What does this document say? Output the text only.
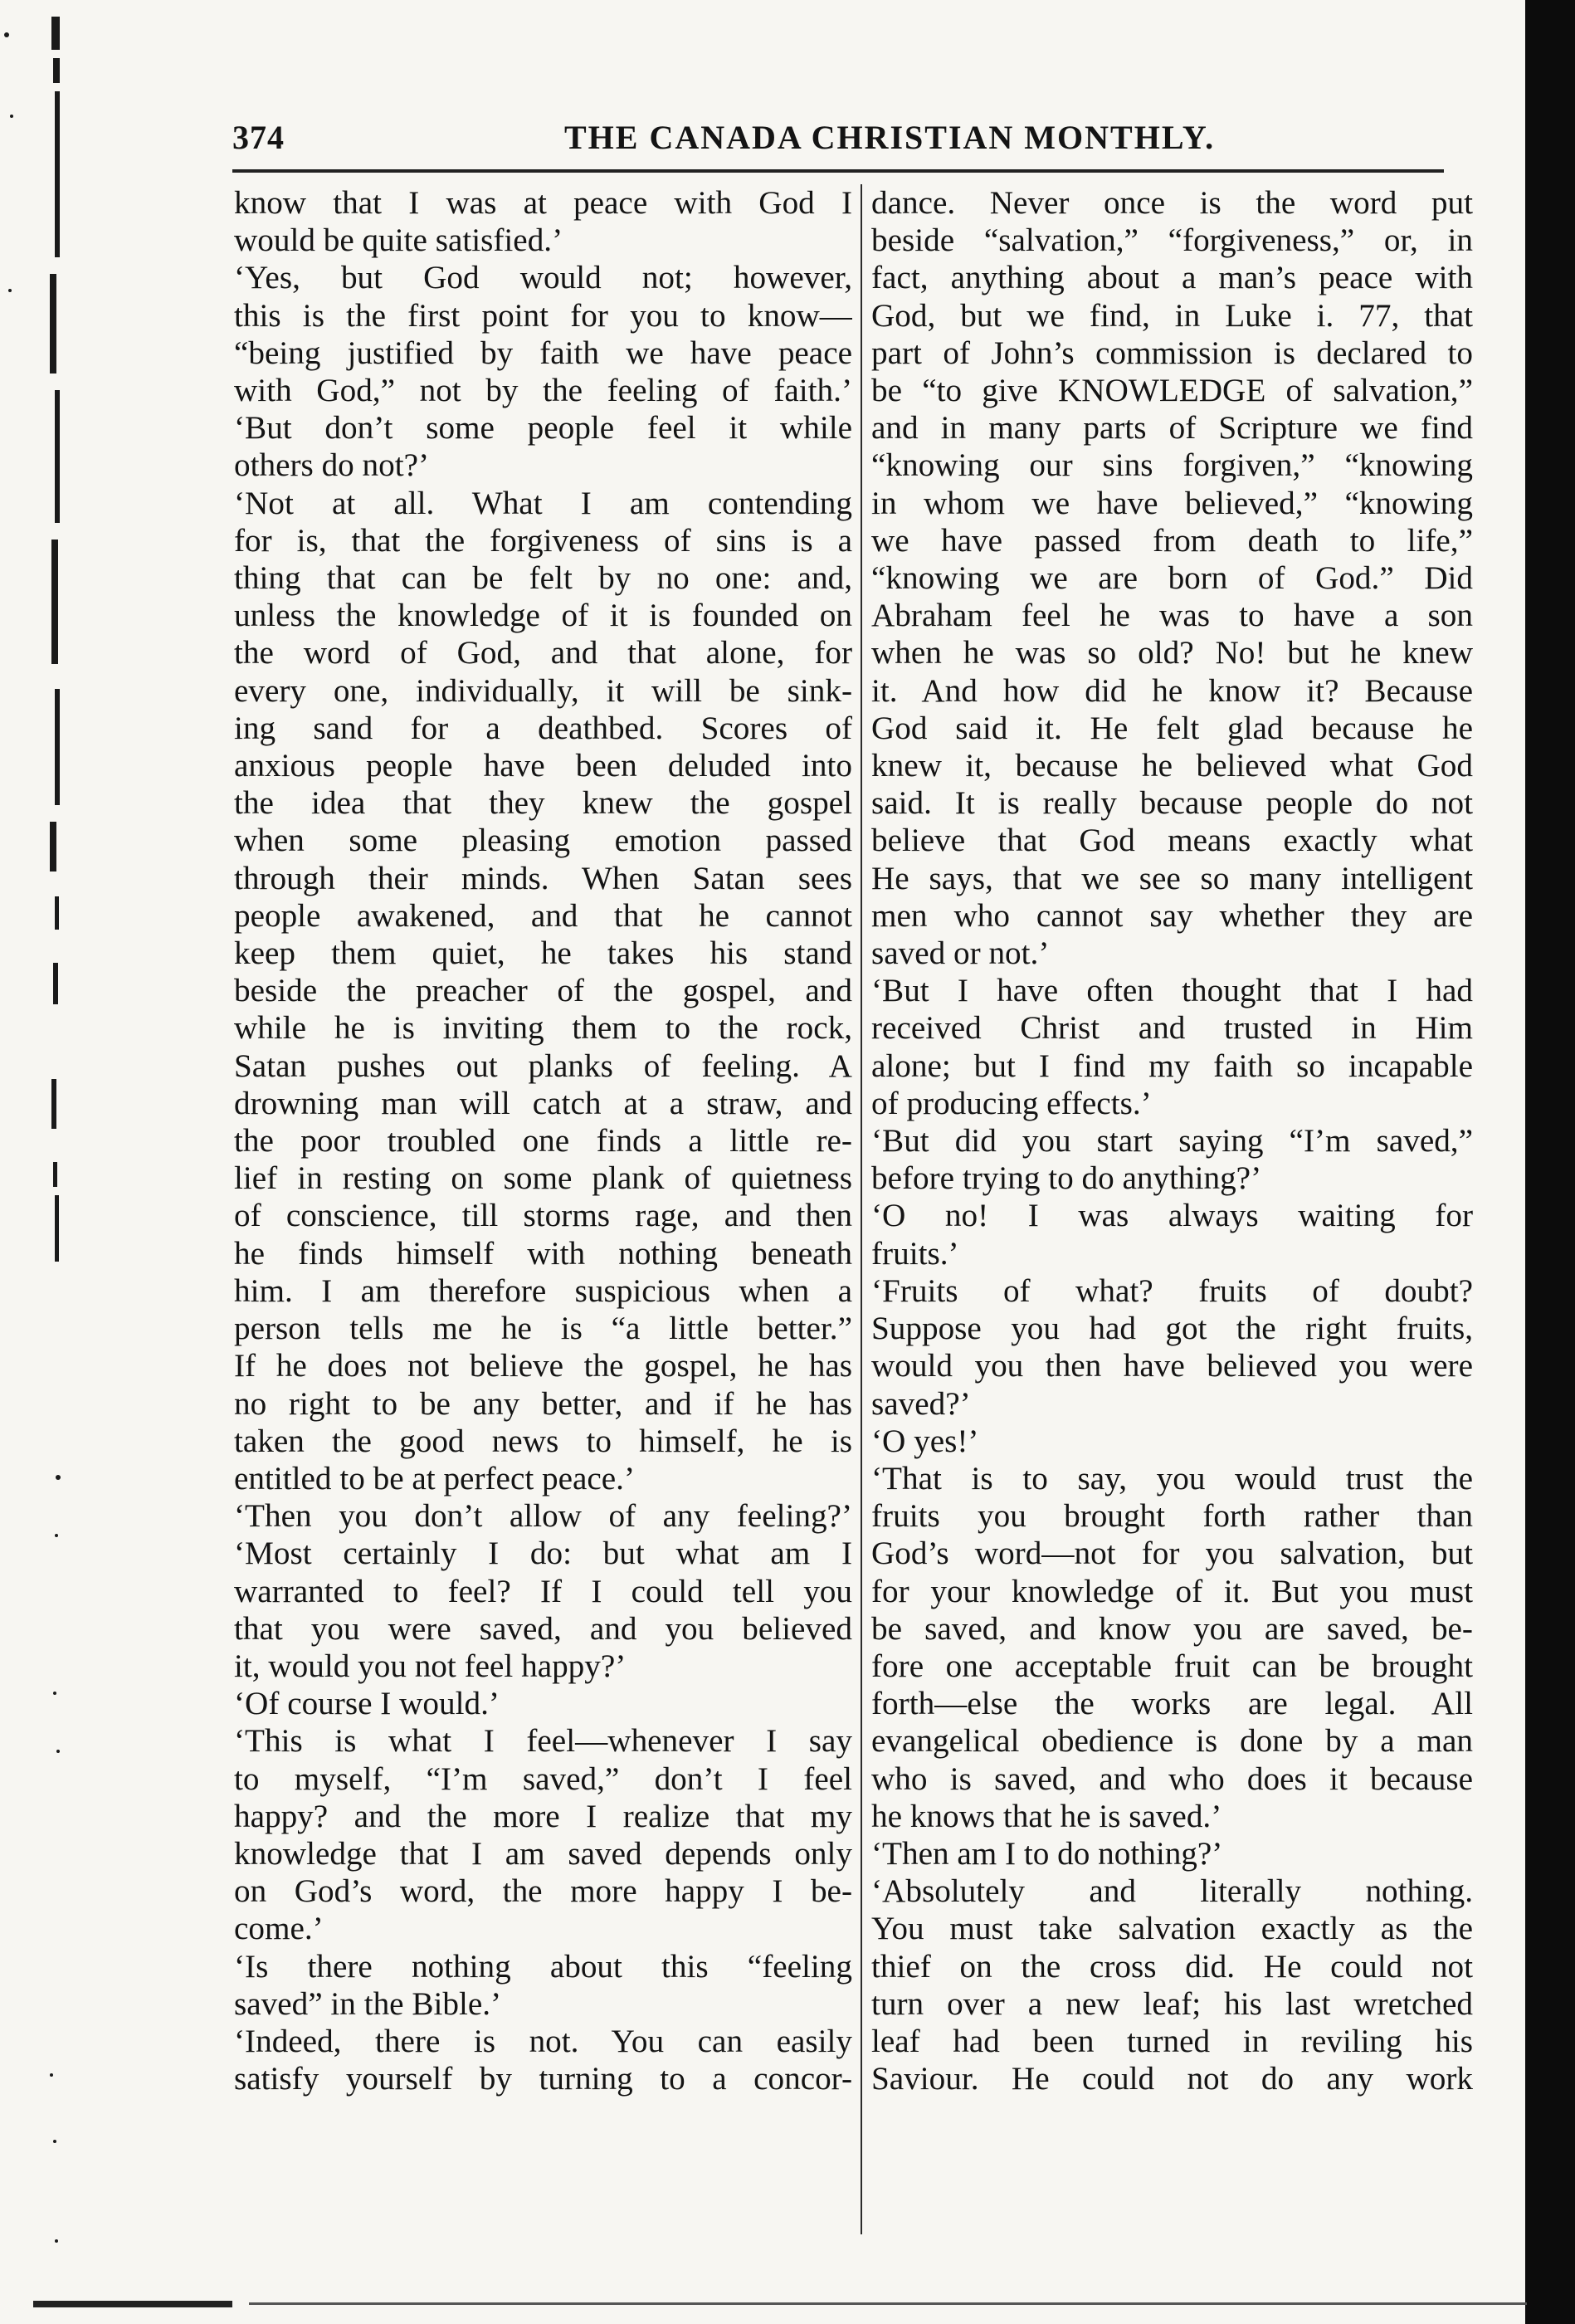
374	THE CANADA CHRISTIAN MONTHLY.
know that I was at peace with God I
would be quite satisfied.’
‘Yes, but God would not; however,
this is the first point for you to know—
“being justified by faith we have peace
with God,” not by the feeling of faith.’
‘But don’t some people feel it while
others do not?’
‘Not at all. What I am contending
for is, that the forgiveness of sins is a
thing that can be felt by no one: and,
unless the knowledge of it is founded on
the word of God, and that alone, for
every one, individually, it will be sink-
ing sand for a deathbed. Scores of
anxious people have been deluded into
the idea that they knew the gospel
when some pleasing emotion passed
through their minds. When Satan sees
people awakened, and that he cannot
keep them quiet, he takes his stand
beside the preacher of the gospel, and
while he is inviting them to the rock,
Satan pushes out planks of feeling. A
drowning man will catch at a straw, and
the poor troubled one finds a little re-
lief in resting on some plank of quietness
of conscience, till storms rage, and then
he finds himself with nothing beneath
him. I am therefore suspicious when a
person tells me he is “a little better.”
If he does not believe the gospel, he has
no right to be any better, and if he has
taken the good news to himself, he is
entitled to be at perfect peace.’
‘Then you don’t allow of any feeling?’
‘Most certainly I do: but what am I
warranted to feel? If I could tell you
that you were saved, and you believed
it, would you not feel happy?’
‘Of course I would.’
‘This is what I feel—whenever I say
to myself, “I’m saved,” don’t I feel
happy? and the more I realize that my
knowledge that I am saved depends only
on God’s word, the more happy I be-
come.’
‘Is there nothing about this “feeling
saved” in the Bible.’
‘Indeed, there is not. You can easily
satisfy yourself by turning to a concor-
dance. Never once is the word put
beside “salvation,” “forgiveness,” or, in
fact, anything about a man’s peace with
God, but we find, in Luke i. 77, that
part of John’s commission is declared to
be “to give KNOWLEDGE of salvation,”
and in many parts of Scripture we find
“knowing our sins forgiven,” “knowing
in whom we have believed,” “knowing
we have passed from death to life,”
“knowing we are born of God.” Did
Abraham feel he was to have a son
when he was so old? No! but he knew
it. And how did he know it? Because
God said it. He felt glad because he
knew it, because he believed what God
said. It is really because people do not
believe that God means exactly what
He says, that we see so many intelligent
men who cannot say whether they are
saved or not.’
‘But I have often thought that I had
received Christ and trusted in Him
alone; but I find my faith so incapable
of producing effects.’
‘But did you start saying “I’m saved,”
before trying to do anything?’
‘O no! I was always waiting for
fruits.’
‘Fruits of what? fruits of doubt?
Suppose you had got the right fruits,
would you then have believed you were
saved?’
‘O yes!’
‘That is to say, you would trust the
fruits you brought forth rather than
God’s word—not for you salvation, but
for your knowledge of it. But you must
be saved, and know you are saved, be-
fore one acceptable fruit can be brought
forth—else the works are legal. All
evangelical obedience is done by a man
who is saved, and who does it because
he knows that he is saved.’
‘Then am I to do nothing?’
‘Absolutely and literally nothing.
You must take salvation exactly as the
thief on the cross did. He could not
turn over a new leaf; his last wretched
leaf had been turned in reviling his
Saviour. He could not do any work
